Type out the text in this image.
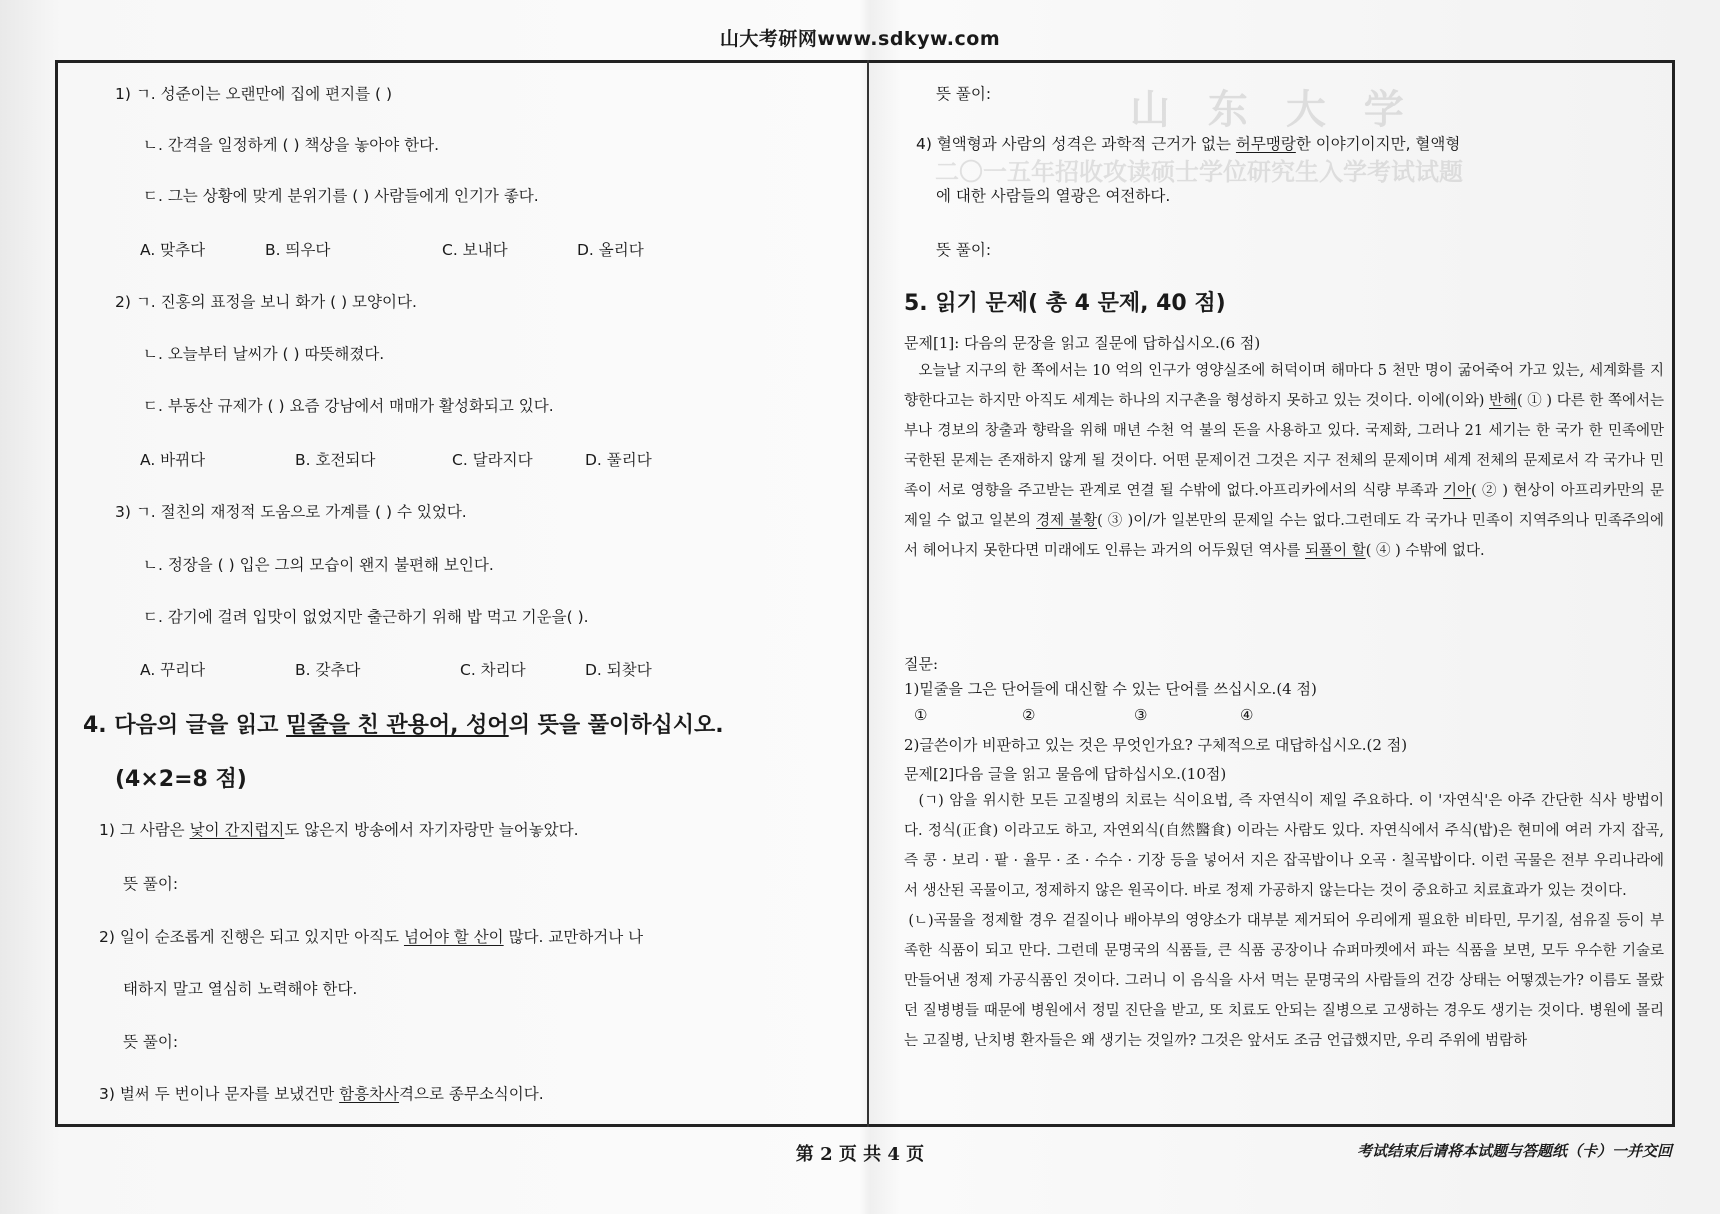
山 东 大 学
二〇一五年招收攻读硕士学位研究生入学考试试题
山大考研网www.sdkyw.com
1) ㄱ. 성준이는 오랜만에 집에 편지를 ( )
ㄴ. 간격을 일정하게 ( ) 책상을 놓아야 한다.
ㄷ. 그는 상황에 맞게 분위기를 ( ) 사람들에게 인기가 좋다.
A. 맞추다	B. 띄우다	C. 보내다	D. 올리다
2) ㄱ. 진홍의 표정을 보니 화가 ( ) 모양이다.
ㄴ. 오늘부터 날씨가 ( ) 따뜻해졌다.
ㄷ. 부동산 규제가 ( ) 요즘 강남에서 매매가 활성화되고 있다.
A. 바뀌다	B. 호전되다	C. 달라지다	D. 풀리다
3) ㄱ. 절친의 재정적 도움으로 가계를 ( ) 수 있었다.
ㄴ. 정장을 ( ) 입은 그의 모습이 왠지 불편해 보인다.
ㄷ. 감기에 걸려 입맛이 없었지만 출근하기 위해 밥 먹고 기운을( ).
A. 꾸리다	B. 갖추다	C. 차리다	D. 되찾다
4. 다음의 글을 읽고 밑줄을 친 관용어, 성어의 뜻을 풀이하십시오.
(4×2=8 점)
1) 그 사람은 낯이 간지럽지도 않은지 방송에서 자기자랑만 늘어놓았다.
뜻 풀이:
2) 일이 순조롭게 진행은 되고 있지만 아직도 넘어야 할 산이 많다. 교만하거나 나
태하지 말고 열심히 노력해야 한다.
뜻 풀이:
3) 벌써 두 번이나 문자를 보냈건만 함흥차사격으로 종무소식이다.
뜻 풀이:
4) 혈액형과 사람의 성격은 과학적 근거가 없는 허무맹랑한 이야기이지만, 혈액형
에 대한 사람들의 열광은 여전하다.
뜻 풀이:
5. 읽기 문제( 총 4 문제, 40 점)
문제[1]: 다음의 문장을 읽고 질문에 답하십시오.(6 점)

오늘날 지구의 한 쪽에서는 10 억의 인구가 영양실조에 허덕이며 해마다 5 천만 명이 굶어죽어 가고 있는, 세계화를 지향한다고는 하지만 아직도 세계는 하나의 지구촌을 형성하지 못하고 있는 것이다. 이에(이와) 반해( ① ) 다른 한 쪽에서는 부나 경보의 창출과 향락을 위해 매년 수천 억 불의 돈을 사용하고 있다. 국제화, 그러나 21 세기는 한 국가 한 민족에만 국한된 문제는 존재하지 않게 될 것이다. 어떤 문제이건 그것은 지구 전체의 문제이며 세계 전체의 문제로서 각 국가나 민족이 서로 영향을 주고받는 관계로 연결 될 수밖에 없다.아프리카에서의 식량 부족과 기아( ② ) 현상이 아프리카만의 문제일 수 없고 일본의 경제 불황( ③ )이/가 일본만의 문제일 수는 없다.그런데도 각 국가나 민족이 지역주의나 민족주의에서 헤어나지 못한다면 미래에도 인류는 과거의 어두웠던 역사를 되풀이 할( ④ ) 수밖에 없다.

질문:
1)밑줄을 그은 단어들에 대신할 수 있는 단어를 쓰십시오.(4 점)
①	②	③	④
2)글쓴이가 비판하고 있는 것은 무엇인가요? 구체적으로 대답하십시오.(2 점)
문제[2]다음 글을 읽고 물음에 답하십시오.(10점)

(ㄱ) 암을 위시한 모든 고질병의 치료는 식이요법, 즉 자연식이 제일 주요하다. 이 '자연식'은 아주 간단한 식사 방법이다. 정식(正食) 이라고도 하고, 자연외식(自然醫食) 이라는 사람도 있다. 자연식에서 주식(밥)은 현미에 여러 가지 잡곡, 즉 콩 · 보리 · 팥 · 율무 · 조 · 수수 · 기장 등을 넣어서 지은 잡곡밥이나 오곡 · 칠곡밥이다. 이런 곡물은 전부 우리나라에서 생산된 곡물이고, 정제하지 않은 원곡이다. 바로 정제 가공하지 않는다는 것이 중요하고 치료효과가 있는 것이다.

(ㄴ)곡물을 정제할 경우 겉질이나 배아부의 영양소가 대부분 제거되어 우리에게 필요한 비타민, 무기질, 섬유질 등이 부족한 식품이 되고 만다. 그런데 문명국의 식품들, 큰 식품 공장이나 슈퍼마켓에서 파는 식품을 보면, 모두 우수한 기술로 만들어낸 정제 가공식품인 것이다. 그러니 이 음식을 사서 먹는 문명국의 사람들의 건강 상태는 어떻겠는가? 이름도 몰랐던 질병병들 때문에 병원에서 정밀 진단을 받고, 또 치료도 안되는 질병으로 고생하는 경우도 생기는 것이다. 병원에 몰리는 고질병, 난치병 환자들은 왜 생기는 것일까? 그것은 앞서도 조금 언급했지만, 우리 주위에 범람하

第 2 页 共 4 页	考试结束后请将本试题与答题纸（卡）一并交回
